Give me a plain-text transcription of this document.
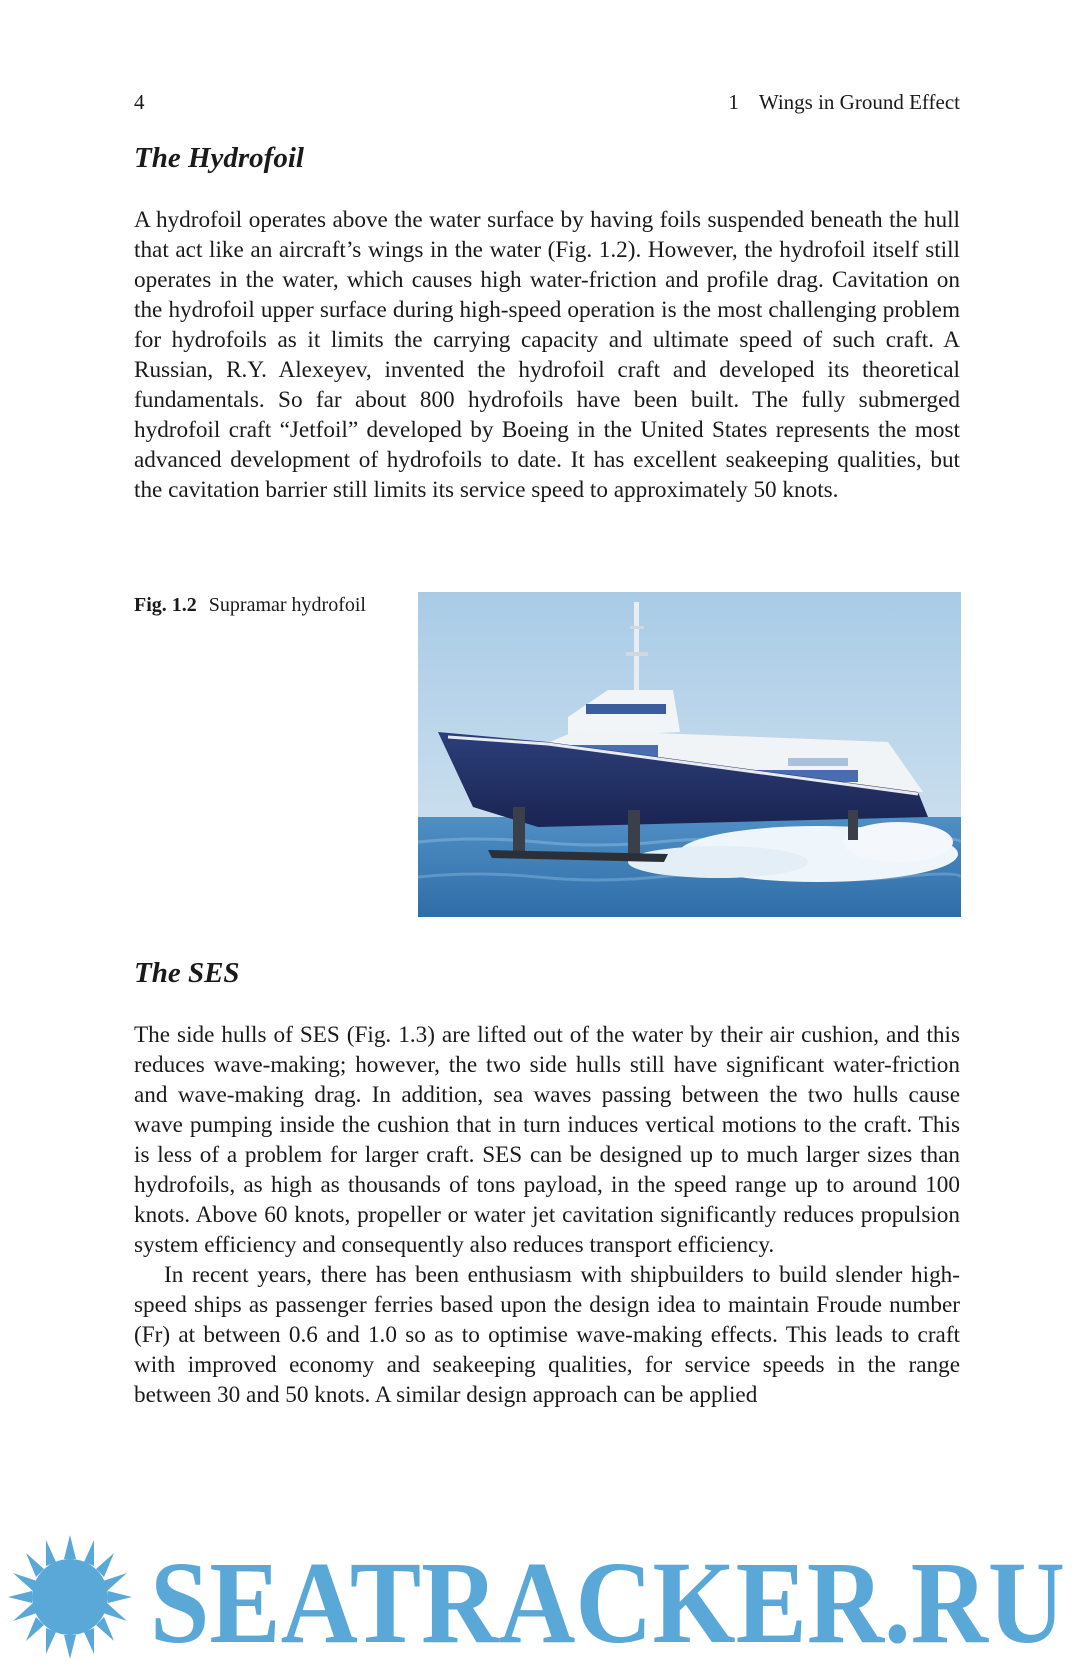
4	1 Wings in Ground Effect
The Hydrofoil

A hydrofoil operates above the water surface by having foils suspended beneath the hull that act like an aircraft’s wings in the water (Fig. 1.2). However, the hydrofoil itself still operates in the water, which causes high water-friction and profile drag. Cavitation on the hydrofoil upper surface during high-speed operation is the most challenging problem for hydrofoils as it limits the carrying capacity and ultimate speed of such craft. A Russian, R.Y. Alexeyev, invented the hydrofoil craft and developed its theoretical fundamentals. So far about 800 hydrofoils have been built. The fully submerged hydrofoil craft “Jetfoil” developed by Boeing in the United States represents the most advanced development of hydrofoils to date. It has excellent seakeeping qualities, but the cavitation barrier still limits its service speed to approximately 50 knots.

Fig. 1.2 Supramar hydrofoil
The SES

The side hulls of SES (Fig. 1.3) are lifted out of the water by their air cushion, and this reduces wave-making; however, the two side hulls still have significant water-friction and wave-making drag. In addition, sea waves passing between the two hulls cause wave pumping inside the cushion that in turn induces vertical motions to the craft. This is less of a problem for larger craft. SES can be designed up to much larger sizes than hydrofoils, as high as thousands of tons payload, in the speed range up to around 100 knots. Above 60 knots, propeller or water jet cavitation significantly reduces propulsion system efficiency and consequently also reduces transport efficiency.

In recent years, there has been enthusiasm with shipbuilders to build slender high-speed ships as passenger ferries based upon the design idea to maintain Froude number (Fr) at between 0.6 and 1.0 so as to optimise wave-making effects. This leads to craft with improved economy and seakeeping qualities, for service speeds in the range between 30 and 50 knots. A similar design approach can be applied

SEATRACKER.RU
